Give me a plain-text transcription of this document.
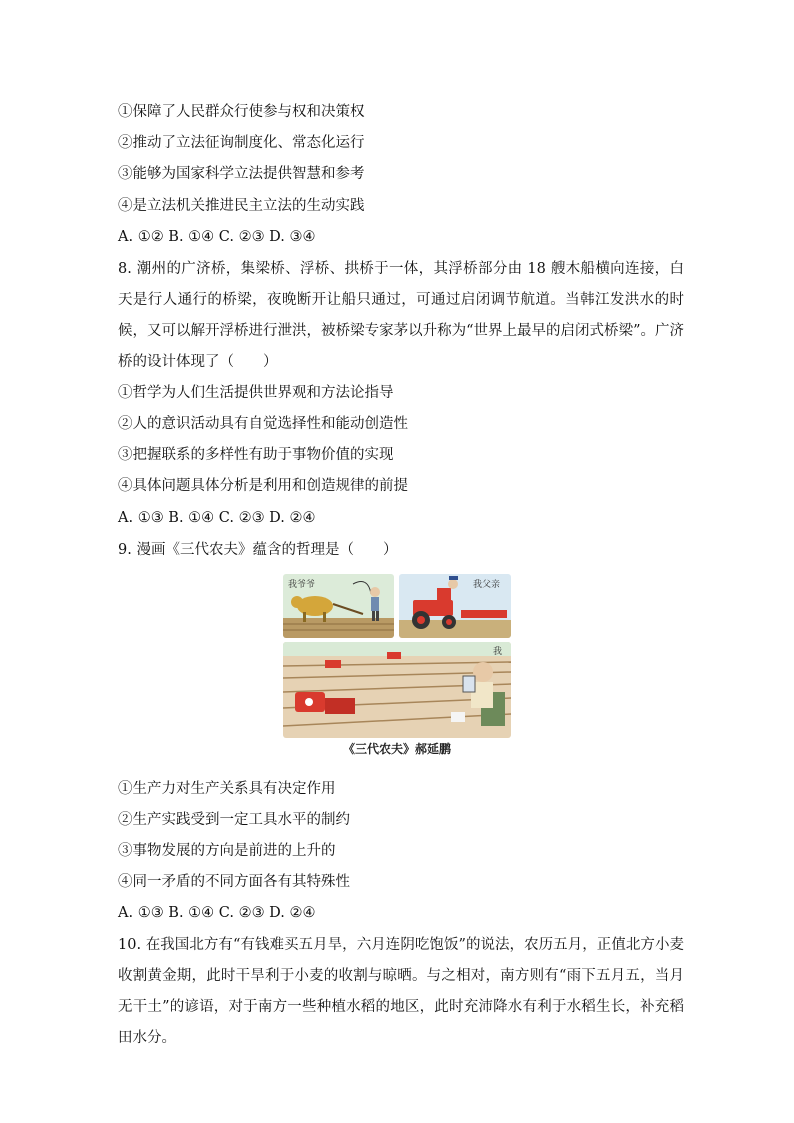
①保障了人民群众行使参与权和决策权
②推动了立法征询制度化、常态化运行
③能够为国家科学立法提供智慧和参考
④是立法机关推进民主立法的生动实践
A. ①② B. ①④ C. ②③ D. ③④
8. 潮州的广济桥，集梁桥、浮桥、拱桥于一体，其浮桥部分由 18 艘木船横向连接，白天是行人通行的桥梁，夜晚断开让船只通过，可通过启闭调节航道。当韩江发洪水的时候，又可以解开浮桥进行泄洪，被桥梁专家茅以升称为“世界上最早的启闭式桥梁”。广济桥的设计体现了（　　）
①哲学为人们生活提供世界观和方法论指导
②人的意识活动具有自觉选择性和能动创造性
③把握联系的多样性有助于事物价值的实现
④具体问题具体分析是利用和创造规律的前提
A. ①③ B. ①④ C. ②③ D. ②④
9. 漫画《三代农夫》蕴含的哲理是（　　）
我爷爷	我父亲
我
《三代农夫》郝延鹏
①生产力对生产关系具有决定作用
②生产实践受到一定工具水平的制约
③事物发展的方向是前进的上升的
④同一矛盾的不同方面各有其特殊性
A. ①③ B. ①④ C. ②③ D. ②④
10. 在我国北方有“有钱难买五月旱，六月连阴吃饱饭”的说法，农历五月，正值北方小麦收割黄金期，此时干旱利于小麦的收割与晾晒。与之相对，南方则有“雨下五月五，当月无干土”的谚语，对于南方一些种植水稻的地区，此时充沛降水有利于水稻生长，补充稻田水分。
